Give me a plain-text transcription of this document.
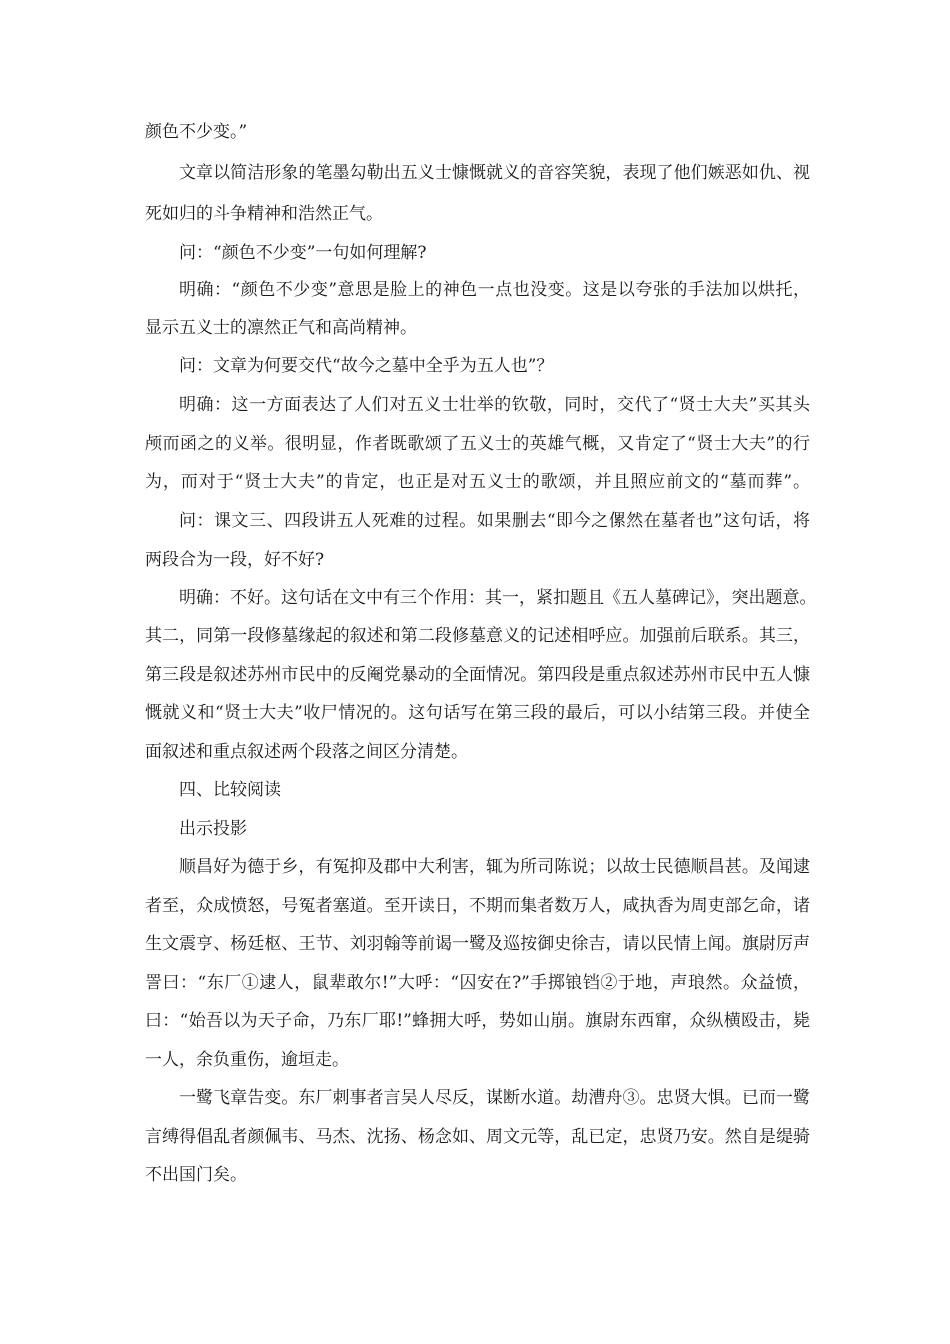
颜色不少变。”
文章以简洁形象的笔墨勾勒出五义士慷慨就义的音容笑貌，表现了他们嫉恶如仇、视
死如归的斗争精神和浩然正气。
问：“颜色不少变”一句如何理解?
明确：“颜色不少变”意思是脸上的神色一点也没变。这是以夸张的手法加以烘托，
显示五义士的凛然正气和高尚精神。
问：文章为何要交代“故今之墓中全乎为五人也”？
明确：这一方面表达了人们对五义士壮举的钦敬，同时，交代了“贤士大夫”买其头
颅而函之的义举。很明显，作者既歌颂了五义士的英雄气概，又肯定了“贤士大夫”的行
为，而对于“贤士大夫”的肯定，也正是对五义士的歌颂，并且照应前文的“墓而葬”。
问：课文三、四段讲五人死难的过程。如果删去“即今之傫然在墓者也”这句话，将
两段合为一段，好不好?
明确：不好。这句话在文中有三个作用：其一，紧扣题且《五人墓碑记》，突出题意。
其二，同第一段修墓缘起的叙述和第二段修墓意义的记述相呼应。加强前后联系。其三，
第三段是叙述苏州市民中的反阉党暴动的全面情况。第四段是重点叙述苏州市民中五人慷
慨就义和“贤士大夫”收尸情况的。这句话写在第三段的最后，可以小结第三段。并使全
面叙述和重点叙述两个段落之间区分清楚。
四、比较阅读
出示投影
顺昌好为德于乡，有冤抑及郡中大利害，辄为所司陈说；以故士民德顺昌甚。及闻逮
者至，众成愤怒，号冤者塞道。至开读日，不期而集者数万人，咸执香为周吏部乞命，诸
生文震亨、杨廷枢、王节、刘羽翰等前谒一鹭及巡按御史徐吉，请以民情上闻。旗尉厉声
詈曰：“东厂①逮人，鼠辈敢尔!”大呼：“囚安在?”手掷锒铛②于地，声琅然。众益愤，
曰：“始吾以为天子命，乃东厂耶!”蜂拥大呼，势如山崩。旗尉东西窜，众纵横殴击，毙
一人，余负重伤，逾垣走。
一鹭飞章告变。东厂刺事者言吴人尽反，谋断水道。劫漕舟③。忠贤大惧。已而一鹭
言缚得倡乱者颜佩韦、马杰、沈扬、杨念如、周文元等，乱已定，忠贤乃安。然自是缇骑
不出国门矣。
